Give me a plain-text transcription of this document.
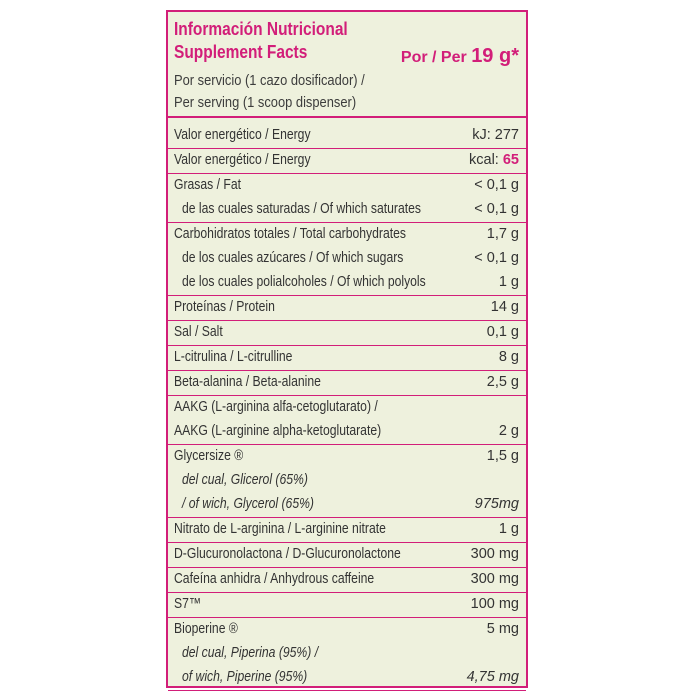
Información Nutricional
Supplement Facts	Por / Per 19 g*
Por servicio (1 cazo dosificador) /
Per serving (1 scoop dispenser)
Valor energético / Energy	kJ: 277
Valor energético / Energy	kcal: 65
Grasas / Fat	< 0,1 g
de las cuales saturadas / Of which saturates	< 0,1 g
Carbohidratos totales / Total carbohydrates	1,7 g
de los cuales azúcares / Of which sugars	< 0,1 g
de los cuales polialcoholes / Of which polyols	1 g
Proteínas / Protein	14 g
Sal / Salt	0,1 g
L-citrulina / L-citrulline	8 g
Beta-alanina / Beta-alanine	2,5 g
AAKG (L-arginina alfa-cetoglutarato) /
AAKG (L-arginine alpha-ketoglutarate)	2 g
Glycersize ®	1,5 g
del cual, Glicerol (65%)
/ of wich, Glycerol (65%)	975mg
Nitrato de L-arginina / L-arginine nitrate	1 g
D-Glucuronolactona / D-Glucuronolactone	300 mg
Cafeína anhidra / Anhydrous caffeine	300 mg
S7™	100 mg
Bioperine ®	5 mg
del cual, Piperina (95%) /
of wich, Piperine (95%)	4,75 mg
